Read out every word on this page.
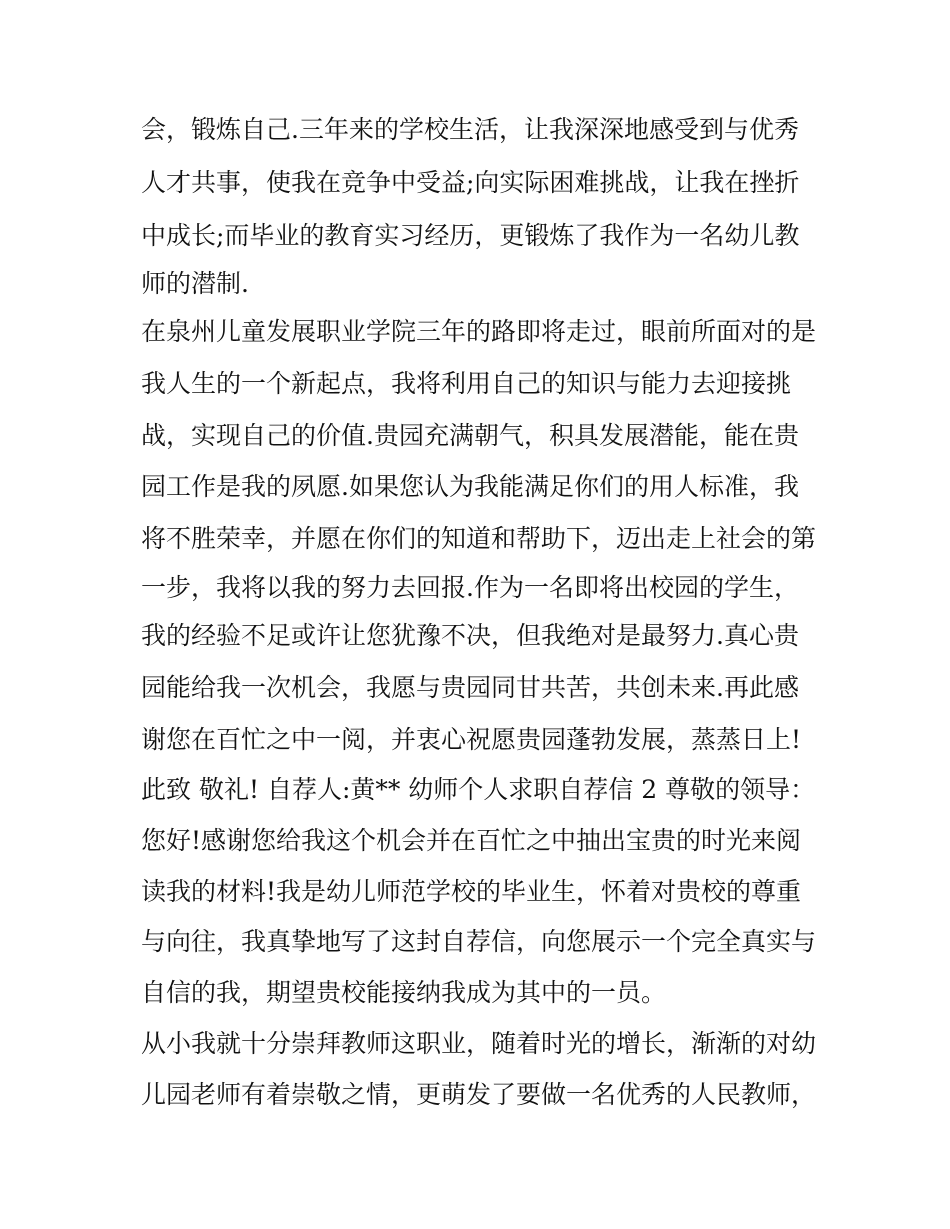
会，锻炼自己.三年来的学校生活，让我深深地感受到与优秀

人才共事，使我在竞争中受益;向实际困难挑战，让我在挫折

中成长;而毕业的教育实习经历，更锻炼了我作为一名幼儿教

师的潜制.

在泉州儿童发展职业学院三年的路即将走过，眼前所面对的是

我人生的一个新起点，我将利用自己的知识与能力去迎接挑

战，实现自己的价值.贵园充满朝气，积具发展潜能，能在贵

园工作是我的夙愿.如果您认为我能满足你们的用人标准，我

将不胜荣幸，并愿在你们的知道和帮助下，迈出走上社会的第

一步，我将以我的努力去回报.作为一名即将出校园的学生，

我的经验不足或许让您犹豫不决，但我绝对是最努力.真心贵

园能给我一次机会，我愿与贵园同甘共苦，共创未来.再此感

谢您在百忙之中一阅，并衷心祝愿贵园蓬勃发展，蒸蒸日上!

此致 敬礼! 自荐人:黄** 幼师个人求职自荐信 2 尊敬的领导：

您好!感谢您给我这个机会并在百忙之中抽出宝贵的时光来阅

读我的材料!我是幼儿师范学校的毕业生，怀着对贵校的尊重

与向往，我真挚地写了这封自荐信，向您展示一个完全真实与

自信的我，期望贵校能接纳我成为其中的一员。

从小我就十分崇拜教师这职业，随着时光的增长，渐渐的对幼

儿园老师有着崇敬之情，更萌发了要做一名优秀的人民教师，
